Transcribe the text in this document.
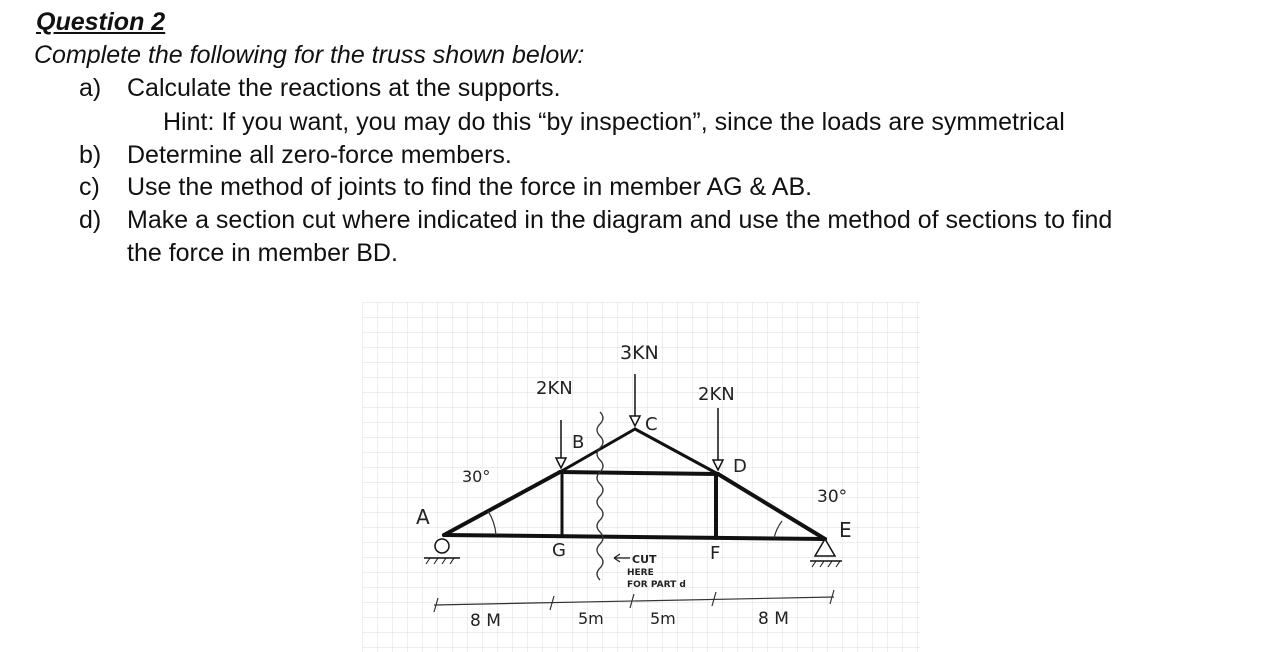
Question 2
Complete the following for the truss shown below:
a) Calculate the reactions at the supports.
Hint: If you want, you may do this “by inspection”, since the loads are symmetrical
b) Determine all zero-force members.
c) Use the method of joints to find the force in member AG & AB.
d) Make a section cut where indicated in the diagram and use the method of sections to find
the force in member BD.
3KN
2KN	2KN
B
C
D
A
E
F
G
30°
30°
CUT
HERE
FOR PART d
8 M	5m	5m	8 M
